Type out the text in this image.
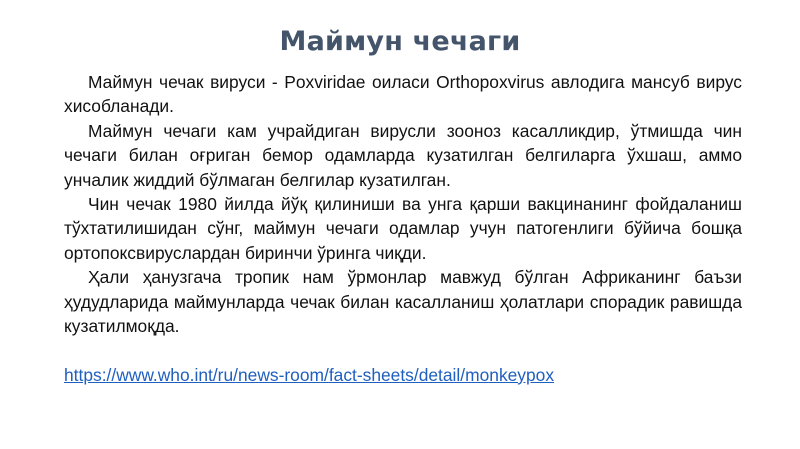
Маймун чечаги

Маймун чечак вируси - Poxviridae оиласи Orthopoxvirus авлодига мансуб вирус хисобланади.

Маймун чечаги кам учрайдиган вирусли зооноз касалликдир, ўтмишда чин чечаги билан оғриган бемор одамларда кузатилган белгиларга ўхшаш, аммо унчалик жиддий бўлмаган белгилар кузатилган.

Чин чечак 1980 йилда йўқ қилиниши ва унга қарши вакцинанинг фойдаланиш тўхтатилишидан сўнг, маймун чечаги одамлар учун патогенлиги бўйича бошқа ортопоксвируслардан биринчи ўринга чиқди.

Ҳали ҳанузгача тропик нам ўрмонлар мавжуд бўлган Африканинг баъзи ҳудудларида маймунларда чечак билан касалланиш ҳолатлари спорадик равишда кузатилмоқда.

https://www.who.int/ru/news-room/fact-sheets/detail/monkeypox
